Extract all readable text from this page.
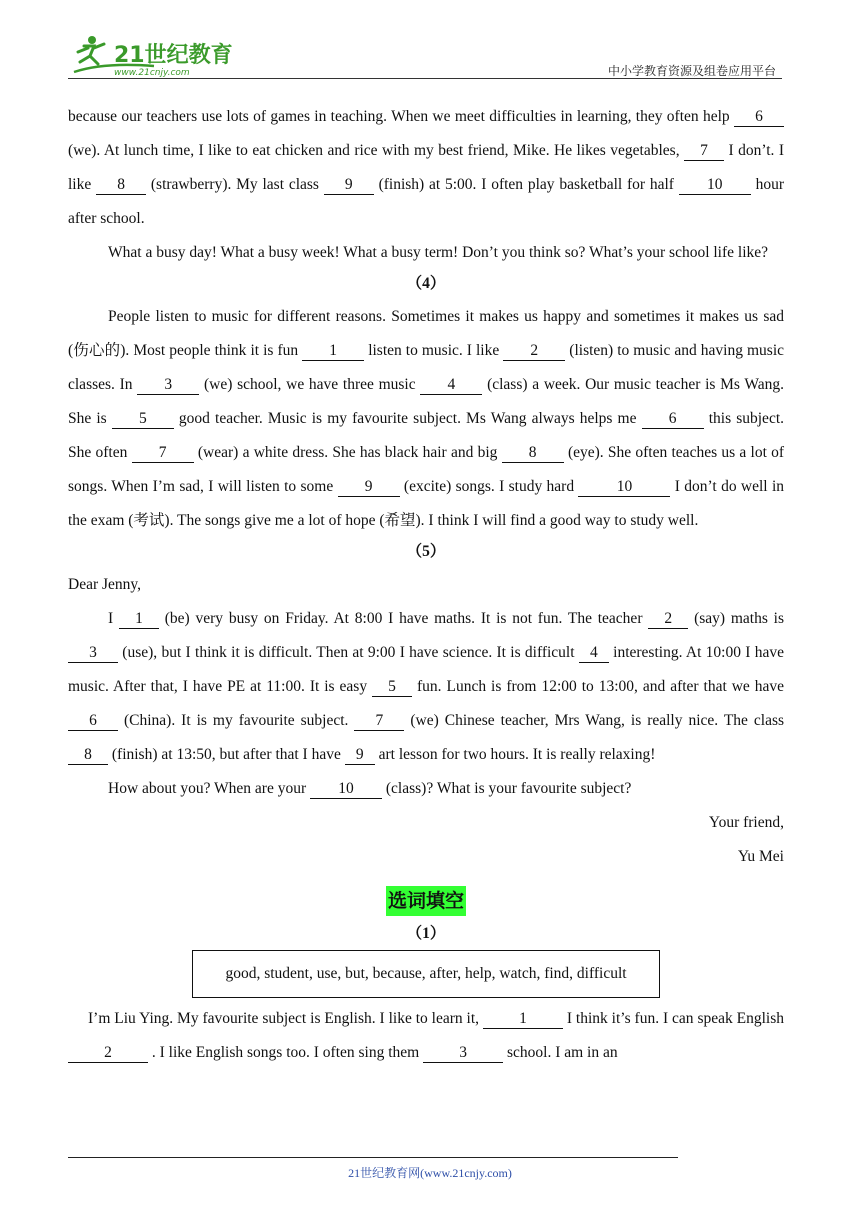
21世纪教育
www.21cnjy.com	中小学教育资源及组卷应用平台

because our teachers use lots of games in teaching. When we meet difficulties in learning, they often help 6 (we). At lunch time, I like to eat chicken and rice with my best friend, Mike. He likes vegetables, 7 I don’t. I like 8 (strawberry). My last class 9 (finish) at 5:00. I often play basketball for half 10 hour after school.

What a busy day! What a busy week! What a busy term! Don’t you think so? What’s your school life like?

（4）

People listen to music for different reasons. Sometimes it makes us happy and sometimes it makes us sad (伤心的). Most people think it is fun 1 listen to music. I like 2 (listen) to music and having music classes. In 3 (we) school, we have three music 4 (class) a week. Our music teacher is Ms Wang. She is 5 good teacher. Music is my favourite subject. Ms Wang always helps me 6 this subject. She often 7 (wear) a white dress. She has black hair and big 8 (eye). She often teaches us a lot of songs. When I’m sad, I will listen to some 9 (excite) songs. I study hard	10	I don’t do well in the exam (考试). The songs give me a lot of hope (希望). I think I will find a good way to study well.

（5）

Dear Jenny,

I 1 (be) very busy on Friday. At 8:00 I have maths. It is not fun. The teacher 2 (say) maths is 3 (use), but I think it is difficult. Then at 9:00 I have science. It is difficult 4 interesting. At 10:00 I have music. After that, I have PE at 11:00. It is easy 5 fun. Lunch is from 12:00 to 13:00, and after that we have 6 (China). It is my favourite subject. 7 (we) Chinese teacher, Mrs Wang, is really nice. The class 8 (finish) at 13:50, but after that I have 9 art lesson for two hours. It is really relaxing!

How about you? When are your 10 (class)? What is your favourite subject?

Your friend,

Yu Mei

选词填空

（1）

good, student, use, but, because, after, help, watch, find, difficult

I’m Liu Ying. My favourite subject is English. I like to learn it,	1	I think it’s fun. I can speak English 2	. I like English songs too. I often sing them	3	school. I am in an

21世纪教育网(www.21cnjy.com)
